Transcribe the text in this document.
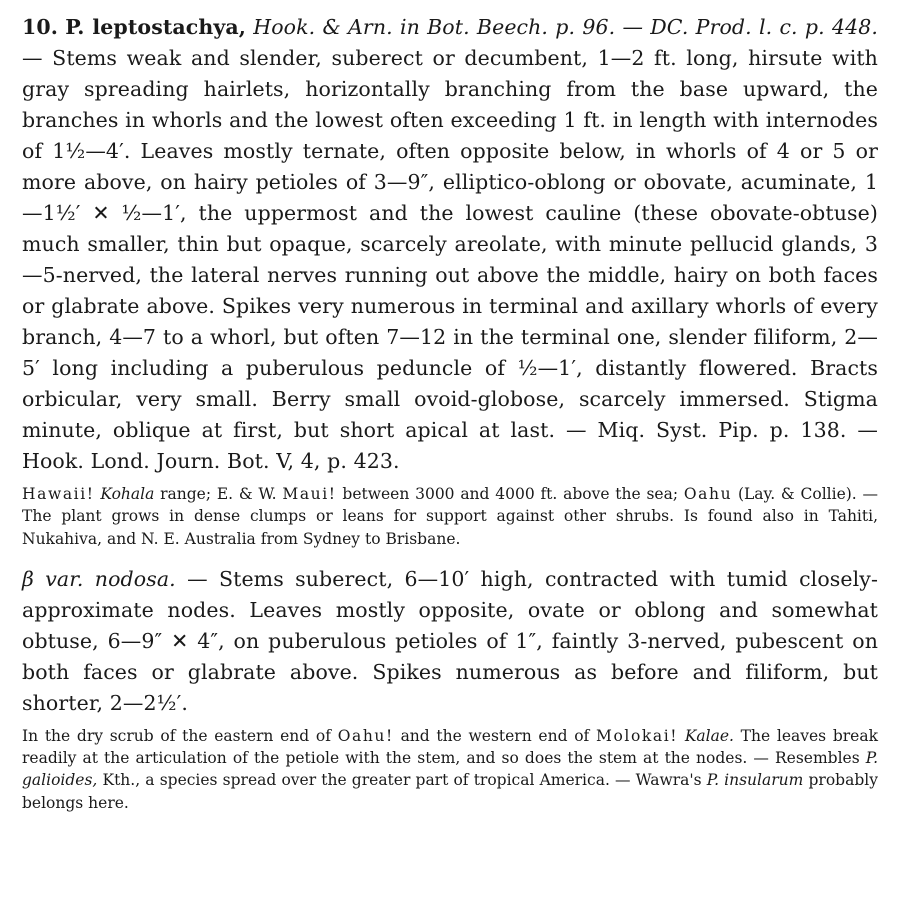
10. P. leptostachya, Hook. & Arn. in Bot. Beech. p. 96. — DC. Prod. l. c. p. 448. — Stems weak and slender, suberect or decumbent, 1—2 ft. long, hirsute with gray spreading hairlets, horizontally branching from the base upward, the branches in whorls and the lowest often exceeding 1 ft. in length with internodes of 1½—4′. Leaves mostly ternate, often opposite below, in whorls of 4 or 5 or more above, on hairy petioles of 3—9″, elliptico-oblong or obovate, acuminate, 1—1½′ ✕ ½—1′, the uppermost and the lowest cauline (these obovate-obtuse) much smaller, thin but opaque, scarcely areolate, with minute pellucid glands, 3—5-nerved, the lateral nerves running out above the middle, hairy on both faces or glabrate above. Spikes very numerous in terminal and axillary whorls of every branch, 4—7 to a whorl, but often 7—12 in the terminal one, slender filiform, 2—5′ long including a puberulous peduncle of ½—1′, distantly flowered. Bracts orbicular, very small. Berry small ovoid-globose, scarcely immersed. Stigma minute, oblique at first, but short apical at last. — Miq. Syst. Pip. p. 138. — Hook. Lond. Journ. Bot. V, 4, p. 423.

Hawaii! Kohala range; E. & W. Maui! between 3000 and 4000 ft. above the sea; Oahu (Lay. & Collie). — The plant grows in dense clumps or leans for support against other shrubs. Is found also in Tahiti, Nukahiva, and N. E. Australia from Sydney to Brisbane.

β var. nodosa. — Stems suberect, 6—10′ high, contracted with tumid closely-approximate nodes. Leaves mostly opposite, ovate or oblong and somewhat obtuse, 6—9″ ✕ 4″, on puberulous petioles of 1″, faintly 3-nerved, pubescent on both faces or glabrate above. Spikes numerous as before and filiform, but shorter, 2—2½′.

In the dry scrub of the eastern end of Oahu! and the western end of Molokai! Kalae. The leaves break readily at the articulation of the petiole with the stem, and so does the stem at the nodes. — Resembles P. galioides, Kth., a species spread over the greater part of tropical America. — Wawra's P. insularum probably belongs here.
